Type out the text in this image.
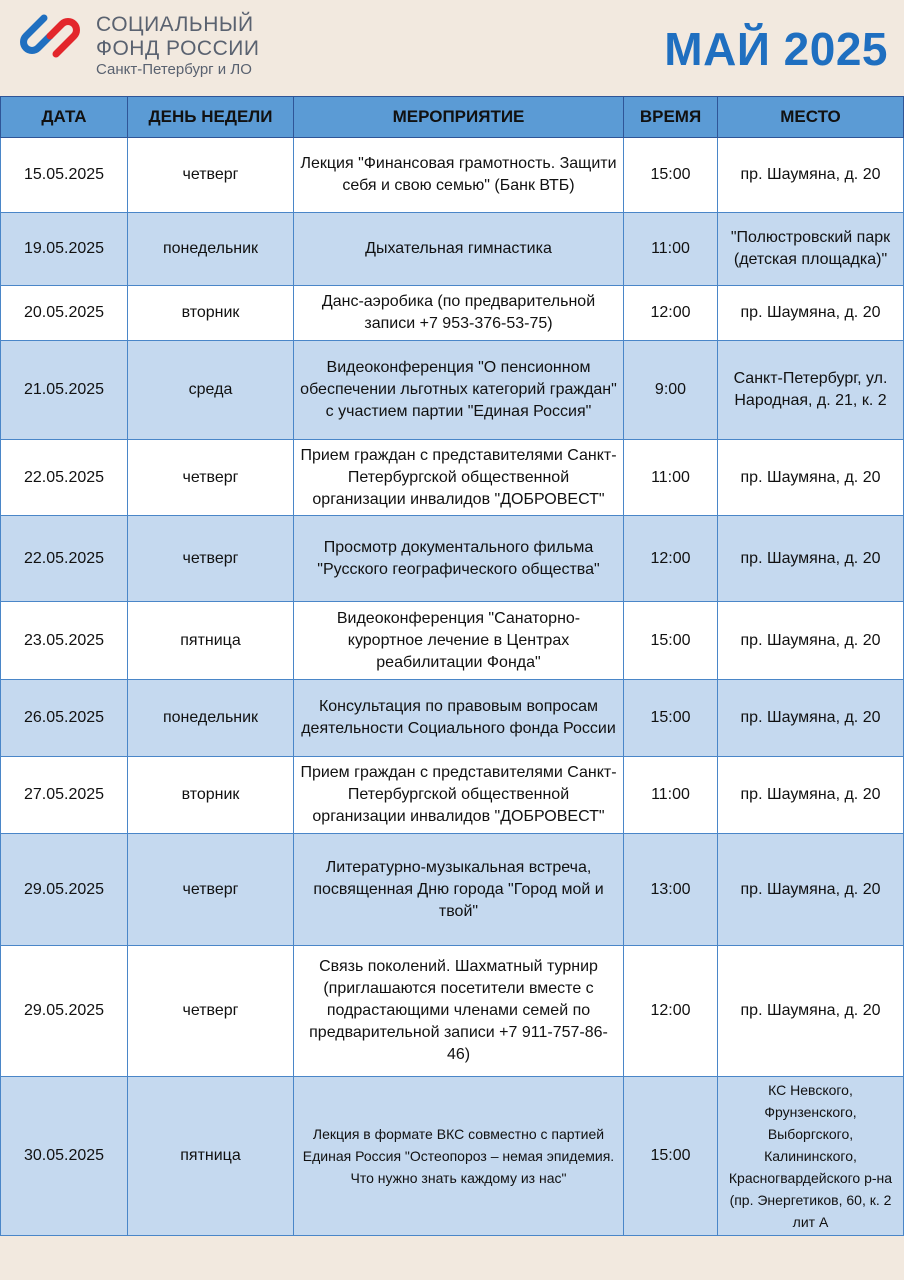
СОЦИАЛЬНЫЙ
ФОНД РОССИИ
Санкт-Петербург и ЛО	МАЙ 2025
ДАТА	ДЕНЬ НЕДЕЛИ	МЕРОПРИЯТИЕ	ВРЕМЯ	МЕСТО
15.05.2025	четверг	Лекция "Финансовая грамотность. Защити себя и свою семью" (Банк ВТБ)	15:00	пр. Шаумяна, д. 20
19.05.2025	понедельник	Дыхательная гимнастика	11:00	"Полюстровский парк (детская площадка)"
20.05.2025	вторник	Данс-аэробика (по предварительной записи +7 953-376-53-75)	12:00	пр. Шаумяна, д. 20
21.05.2025	среда	Видеоконференция "О пенсионном обеспечении льготных категорий граждан" с участием партии "Единая Россия"	9:00	Санкт-Петербург, ул. Народная, д. 21, к. 2
22.05.2025	четверг	Прием граждан с представителями Санкт-Петербургской общественной организации инвалидов "ДОБРОВЕСТ"	11:00	пр. Шаумяна, д. 20
22.05.2025	четверг	Просмотр документального фильма "Русского географического общества"	12:00	пр. Шаумяна, д. 20
23.05.2025	пятница	Видеоконференция "Санаторно-курортное лечение в Центрах реабилитации Фонда"	15:00	пр. Шаумяна, д. 20
26.05.2025	понедельник	Консультация по правовым вопросам деятельности Социального фонда России	15:00	пр. Шаумяна, д. 20
27.05.2025	вторник	Прием граждан с представителями Санкт-Петербургской общественной организации инвалидов "ДОБРОВЕСТ"	11:00	пр. Шаумяна, д. 20
29.05.2025	четверг	Литературно-музыкальная встреча, посвященная Дню города "Город мой и твой"	13:00	пр. Шаумяна, д. 20
29.05.2025	четверг	Связь поколений. Шахматный турнир (приглашаются посетители вместе с подрастающими членами семей по предварительной записи +7 911-757-86-46)	12:00	пр. Шаумяна, д. 20
30.05.2025	пятница	Лекция в формате ВКС совместно с партией Единая Россия "Остеопороз – немая эпидемия. Что нужно знать каждому из нас"	15:00	КС Невского, Фрунзенского, Выборгского, Калининского, Красногвардейского р-на (пр. Энергетиков, 60, к. 2 лит А
